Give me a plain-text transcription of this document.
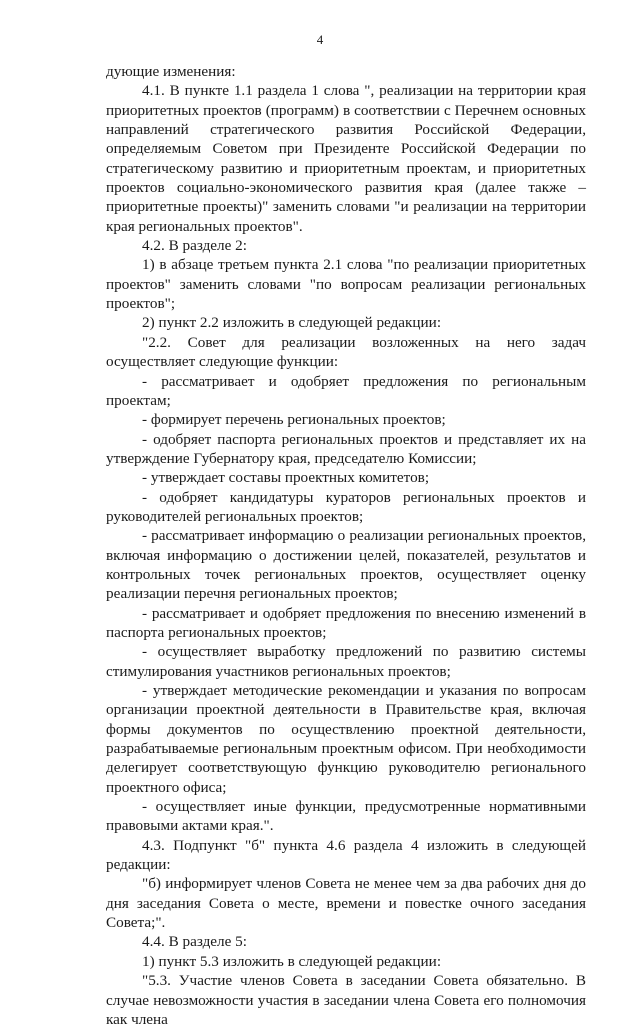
4

дующие изменения:

4.1. В пункте 1.1 раздела 1 слова ", реализации на территории края приоритетных проектов (программ) в соответствии с Перечнем основных направлений стратегического развития Российской Федерации, определяемым Советом при Президенте Российской Федерации по стратегическому развитию и приоритетным проектам, и приоритетных проектов социально-экономического развития края (далее также – приоритетные проекты)" заменить словами "и реализации на территории края региональных проектов".

4.2. В разделе 2:

1) в абзаце третьем пункта 2.1 слова "по реализации приоритетных проектов" заменить словами "по вопросам реализации региональных проектов";

2) пункт 2.2 изложить в следующей редакции:

"2.2. Совет для реализации возложенных на него задач осуществляет следующие функции:

- рассматривает и одобряет предложения по региональным проектам;

- формирует перечень региональных проектов;

- одобряет паспорта региональных проектов и представляет их на утверждение Губернатору края, председателю Комиссии;

- утверждает составы проектных комитетов;

- одобряет кандидатуры кураторов региональных проектов и руководителей региональных проектов;

- рассматривает информацию о реализации региональных проектов, включая информацию о достижении целей, показателей, результатов и контрольных точек региональных проектов, осуществляет оценку реализации перечня региональных проектов;

- рассматривает и одобряет предложения по внесению изменений в паспорта региональных проектов;

- осуществляет выработку предложений по развитию системы стимулирования участников региональных проектов;

- утверждает методические рекомендации и указания по вопросам организации проектной деятельности в Правительстве края, включая формы документов по осуществлению проектной деятельности, разрабатываемые региональным проектным офисом. При необходимости делегирует соответствующую функцию руководителю регионального проектного офиса;

- осуществляет иные функции, предусмотренные нормативными правовыми актами края.".

4.3. Подпункт "б" пункта 4.6 раздела 4 изложить в следующей редакции:

"б) информирует членов Совета не менее чем за два рабочих дня до дня заседания Совета о месте, времени и повестке очного заседания Совета;".

4.4. В разделе 5:

1) пункт 5.3 изложить в следующей редакции:

"5.3. Участие членов Совета в заседании Совета обязательно. В случае невозможности участия в заседании члена Совета его полномочия как члена
